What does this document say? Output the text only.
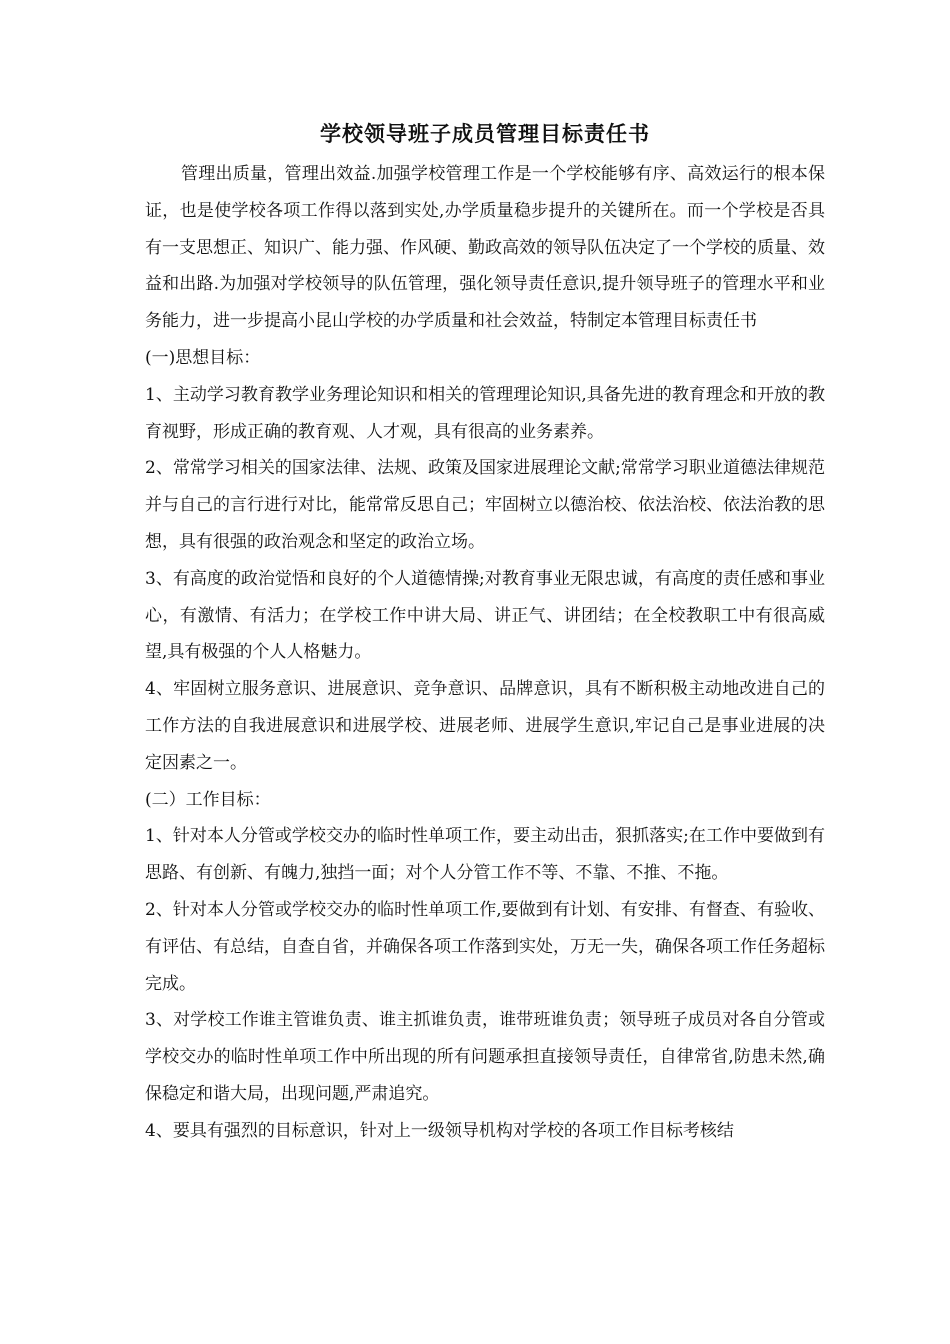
学校领导班子成员管理目标责任书

管理出质量，管理出效益.加强学校管理工作是一个学校能够有序、高效运行的根本保证，也是使学校各项工作得以落到实处,办学质量稳步提升的关键所在。而一个学校是否具有一支思想正、知识广、能力强、作风硬、勤政高效的领导队伍决定了一个学校的质量、效益和出路.为加强对学校领导的队伍管理，强化领导责任意识,提升领导班子的管理水平和业务能力，进一步提高小昆山学校的办学质量和社会效益，特制定本管理目标责任书

(一)思想目标：

1、主动学习教育教学业务理论知识和相关的管理理论知识,具备先进的教育理念和开放的教育视野，形成正确的教育观、人才观，具有很高的业务素养。

2、常常学习相关的国家法律、法规、政策及国家进展理论文献;常常学习职业道德法律规范并与自己的言行进行对比，能常常反思自己；牢固树立以德治校、依法治校、依法治教的思想，具有很强的政治观念和坚定的政治立场。

3、有高度的政治觉悟和良好的个人道德情操;对教育事业无限忠诚，有高度的责任感和事业心，有激情、有活力；在学校工作中讲大局、讲正气、讲团结；在全校教职工中有很高威望,具有极强的个人人格魅力。

4、牢固树立服务意识、进展意识、竞争意识、品牌意识，具有不断积极主动地改进自己的工作方法的自我进展意识和进展学校、进展老师、进展学生意识,牢记自己是事业进展的决定因素之一。

(二）工作目标：

1、针对本人分管或学校交办的临时性单项工作，要主动出击，狠抓落实;在工作中要做到有思路、有创新、有魄力,独挡一面；对个人分管工作不等、不靠、不推、不拖。

2、针对本人分管或学校交办的临时性单项工作,要做到有计划、有安排、有督查、有验收、有评估、有总结，自查自省，并确保各项工作落到实处，万无一失，确保各项工作任务超标完成。

3、对学校工作谁主管谁负责、谁主抓谁负责，谁带班谁负责；领导班子成员对各自分管或学校交办的临时性单项工作中所出现的所有问题承担直接领导责任，自律常省,防患未然,确保稳定和谐大局，出现问题,严肃追究。

4、要具有强烈的目标意识，针对上一级领导机构对学校的各项工作目标考核结
